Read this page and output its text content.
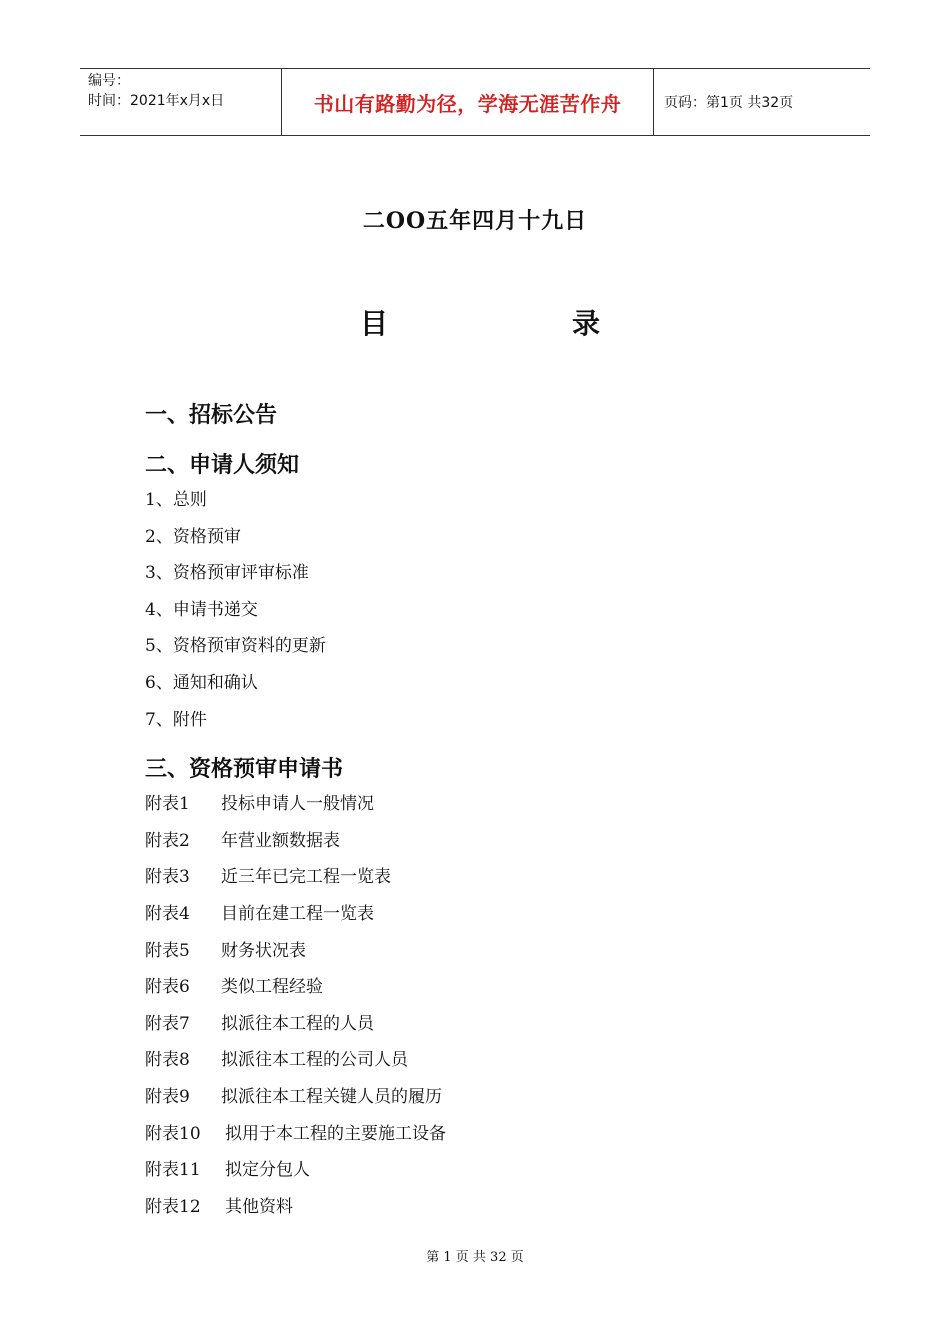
编号：
时间：2021年x月x日	书山有路勤为径，学海无涯苦作舟	页码：第1页 共32页
二OO五年四月十九日
目	录
一、招标公告
二、申请人须知
1、总则
2、资格预审
3、资格预审评审标准
4、申请书递交
5、资格预审资料的更新
6、通知和确认
7、附件
三、资格预审申请书
附表1 投标申请人一般情况
附表2 年营业额数据表
附表3 近三年已完工程一览表
附表4 目前在建工程一览表
附表5 财务状况表
附表6 类似工程经验
附表7 拟派往本工程的人员
附表8 拟派往本工程的公司人员
附表9 拟派往本工程关键人员的履历
附表10 拟用于本工程的主要施工设备
附表11 拟定分包人
附表12 其他资料
第 1 页 共 32 页
